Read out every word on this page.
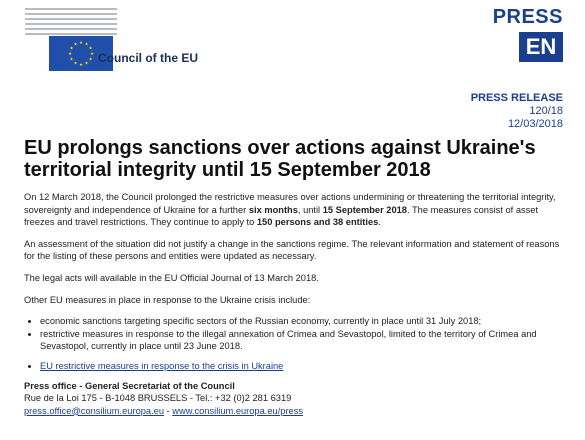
★ ★
★
★
★
★
★
★
★
★
★
★
Council of the EU
PRESS
EN
PRESS RELEASE
120/18
12/03/2018
EU prolongs sanctions over actions against Ukraine's territorial integrity until 15 September 2018

On 12 March 2018, the Council prolonged the restrictive measures over actions undermining or threatening the territorial integrity, sovereignty and independence of Ukraine for a further six months, until 15 September 2018. The measures consist of asset freezes and travel restrictions. They continue to apply to 150 persons and 38 entities.

An assessment of the situation did not justify a change in the sanctions regime. The relevant information and statement of reasons for the listing of these persons and entities were updated as necessary.

The legal acts will available in the EU Official Journal of 13 March 2018.

Other EU measures in place in response to the Ukraine crisis include:

• economic sanctions targeting specific sectors of the Russian economy, currently in place until 31 July 2018;
• restrictive measures in response to the illegal annexation of Crimea and Sevastopol, limited to the territory of Crimea and Sevastopol, currently in place until 23 June 2018.
• EU restrictive measures in response to the crisis in Ukraine
Press office - General Secretariat of the Council
Rue de la Loi 175 - B-1048 BRUSSELS - Tel.: +32 (0)2 281 6319
press.office@consilium.europa.eu - www.consilium.europa.eu/press
